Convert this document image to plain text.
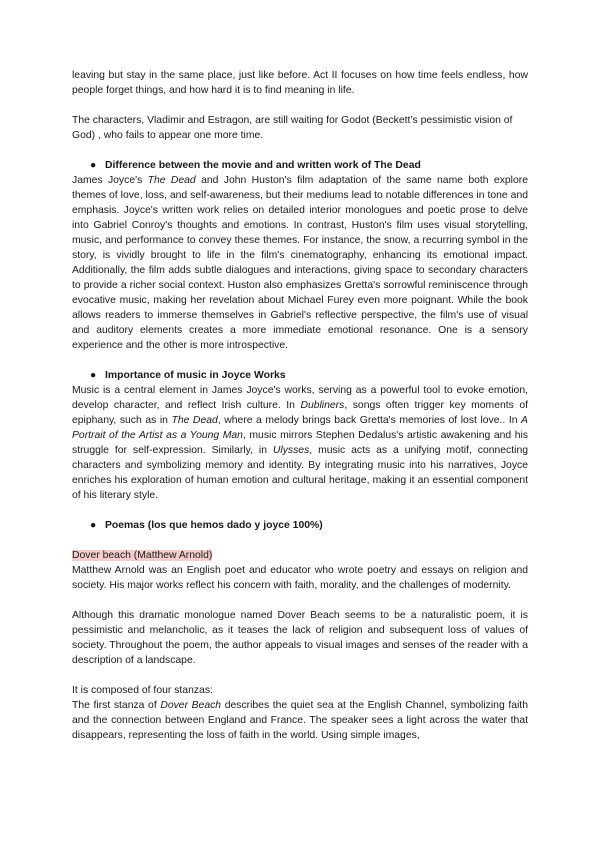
leaving but stay in the same place, just like before. Act II focuses on how time feels endless, how people forget things, and how hard it is to find meaning in life.

The characters, Vladimir and Estragon, are still waiting for Godot (Beckett’s pessimistic vision of God) , who fails to appear one more time.

● Difference between the movie and and written work of The Dead

James Joyce's The Dead and John Huston's film adaptation of the same name both explore themes of love, loss, and self-awareness, but their mediums lead to notable differences in tone and emphasis. Joyce's written work relies on detailed interior monologues and poetic prose to delve into Gabriel Conroy's thoughts and emotions. In contrast, Huston's film uses visual storytelling, music, and performance to convey these themes. For instance, the snow, a recurring symbol in the story, is vividly brought to life in the film's cinematography, enhancing its emotional impact. Additionally, the film adds subtle dialogues and interactions, giving space to secondary characters to provide a richer social context. Huston also emphasizes Gretta's sorrowful reminiscence through evocative music, making her revelation about Michael Furey even more poignant. While the book allows readers to immerse themselves in Gabriel's reflective perspective, the film's use of visual and auditory elements creates a more immediate emotional resonance. One is a sensory experience and the other is more introspective.

● Importance of music in Joyce Works

Music is a central element in James Joyce's works, serving as a powerful tool to evoke emotion, develop character, and reflect Irish culture. In Dubliners, songs often trigger key moments of epiphany, such as in The Dead, where a melody brings back Gretta's memories of lost love.. In A Portrait of the Artist as a Young Man, music mirrors Stephen Dedalus's artistic awakening and his struggle for self-expression. Similarly, in Ulysses, music acts as a unifying motif, connecting characters and symbolizing memory and identity. By integrating music into his narratives, Joyce enriches his exploration of human emotion and cultural heritage, making it an essential component of his literary style.

● Poemas (los que hemos dado y joyce 100%)

Dover beach (Matthew Arnold)

Matthew Arnold was an English poet and educator who wrote poetry and essays on religion and society. His major works reflect his concern with faith, morality, and the challenges of modernity.

Although this dramatic monologue named Dover Beach seems to be a naturalistic poem, it is pessimistic and melancholic, as it teases the lack of religion and subsequent loss of values of society. Throughout the poem, the author appeals to visual images and senses of the reader with a description of a landscape.

It is composed of four stanzas:

The first stanza of Dover Beach describes the quiet sea at the English Channel, symbolizing faith and the connection between England and France. The speaker sees a light across the water that disappears, representing the loss of faith in the world. Using simple images,
